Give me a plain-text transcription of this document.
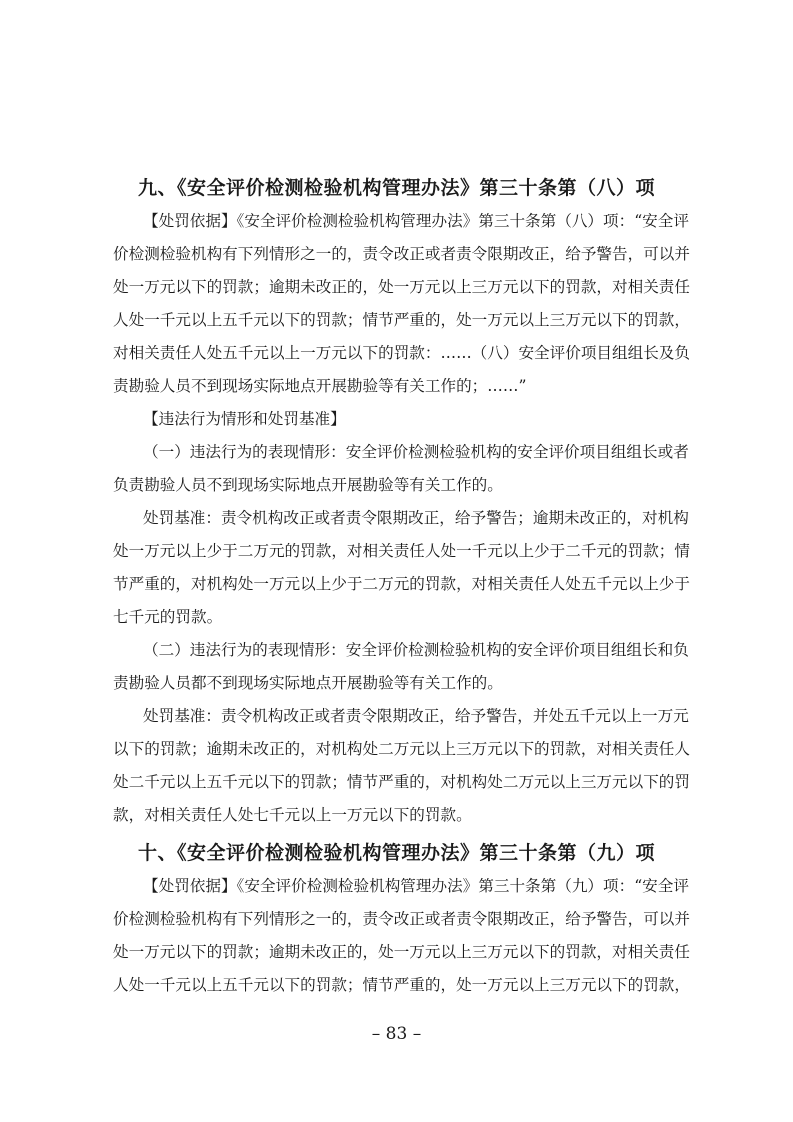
九、《安全评价检测检验机构管理办法》第三十条第（八）项
【处罚依据】《安全评价检测检验机构管理办法》第三十条第（八）项：“安全评
价检测检验机构有下列情形之一的，责令改正或者责令限期改正，给予警告，可以并
处一万元以下的罚款；逾期未改正的，处一万元以上三万元以下的罚款，对相关责任
人处一千元以上五千元以下的罚款；情节严重的，处一万元以上三万元以下的罚款，
对相关责任人处五千元以上一万元以下的罚款：……（八）安全评价项目组组长及负
责勘验人员不到现场实际地点开展勘验等有关工作的；……”
【违法行为情形和处罚基准】
（一）违法行为的表现情形：安全评价检测检验机构的安全评价项目组组长或者
负责勘验人员不到现场实际地点开展勘验等有关工作的。
处罚基准：责令机构改正或者责令限期改正，给予警告；逾期未改正的，对机构
处一万元以上少于二万元的罚款，对相关责任人处一千元以上少于二千元的罚款；情
节严重的，对机构处一万元以上少于二万元的罚款，对相关责任人处五千元以上少于
七千元的罚款。
（二）违法行为的表现情形：安全评价检测检验机构的安全评价项目组组长和负
责勘验人员都不到现场实际地点开展勘验等有关工作的。
处罚基准：责令机构改正或者责令限期改正，给予警告，并处五千元以上一万元
以下的罚款；逾期未改正的，对机构处二万元以上三万元以下的罚款，对相关责任人
处二千元以上五千元以下的罚款；情节严重的，对机构处二万元以上三万元以下的罚
款，对相关责任人处七千元以上一万元以下的罚款。
十、《安全评价检测检验机构管理办法》第三十条第（九）项
【处罚依据】《安全评价检测检验机构管理办法》第三十条第（九）项：“安全评
价检测检验机构有下列情形之一的，责令改正或者责令限期改正，给予警告，可以并
处一万元以下的罚款；逾期未改正的，处一万元以上三万元以下的罚款，对相关责任
人处一千元以上五千元以下的罚款；情节严重的，处一万元以上三万元以下的罚款，
– 83 –
